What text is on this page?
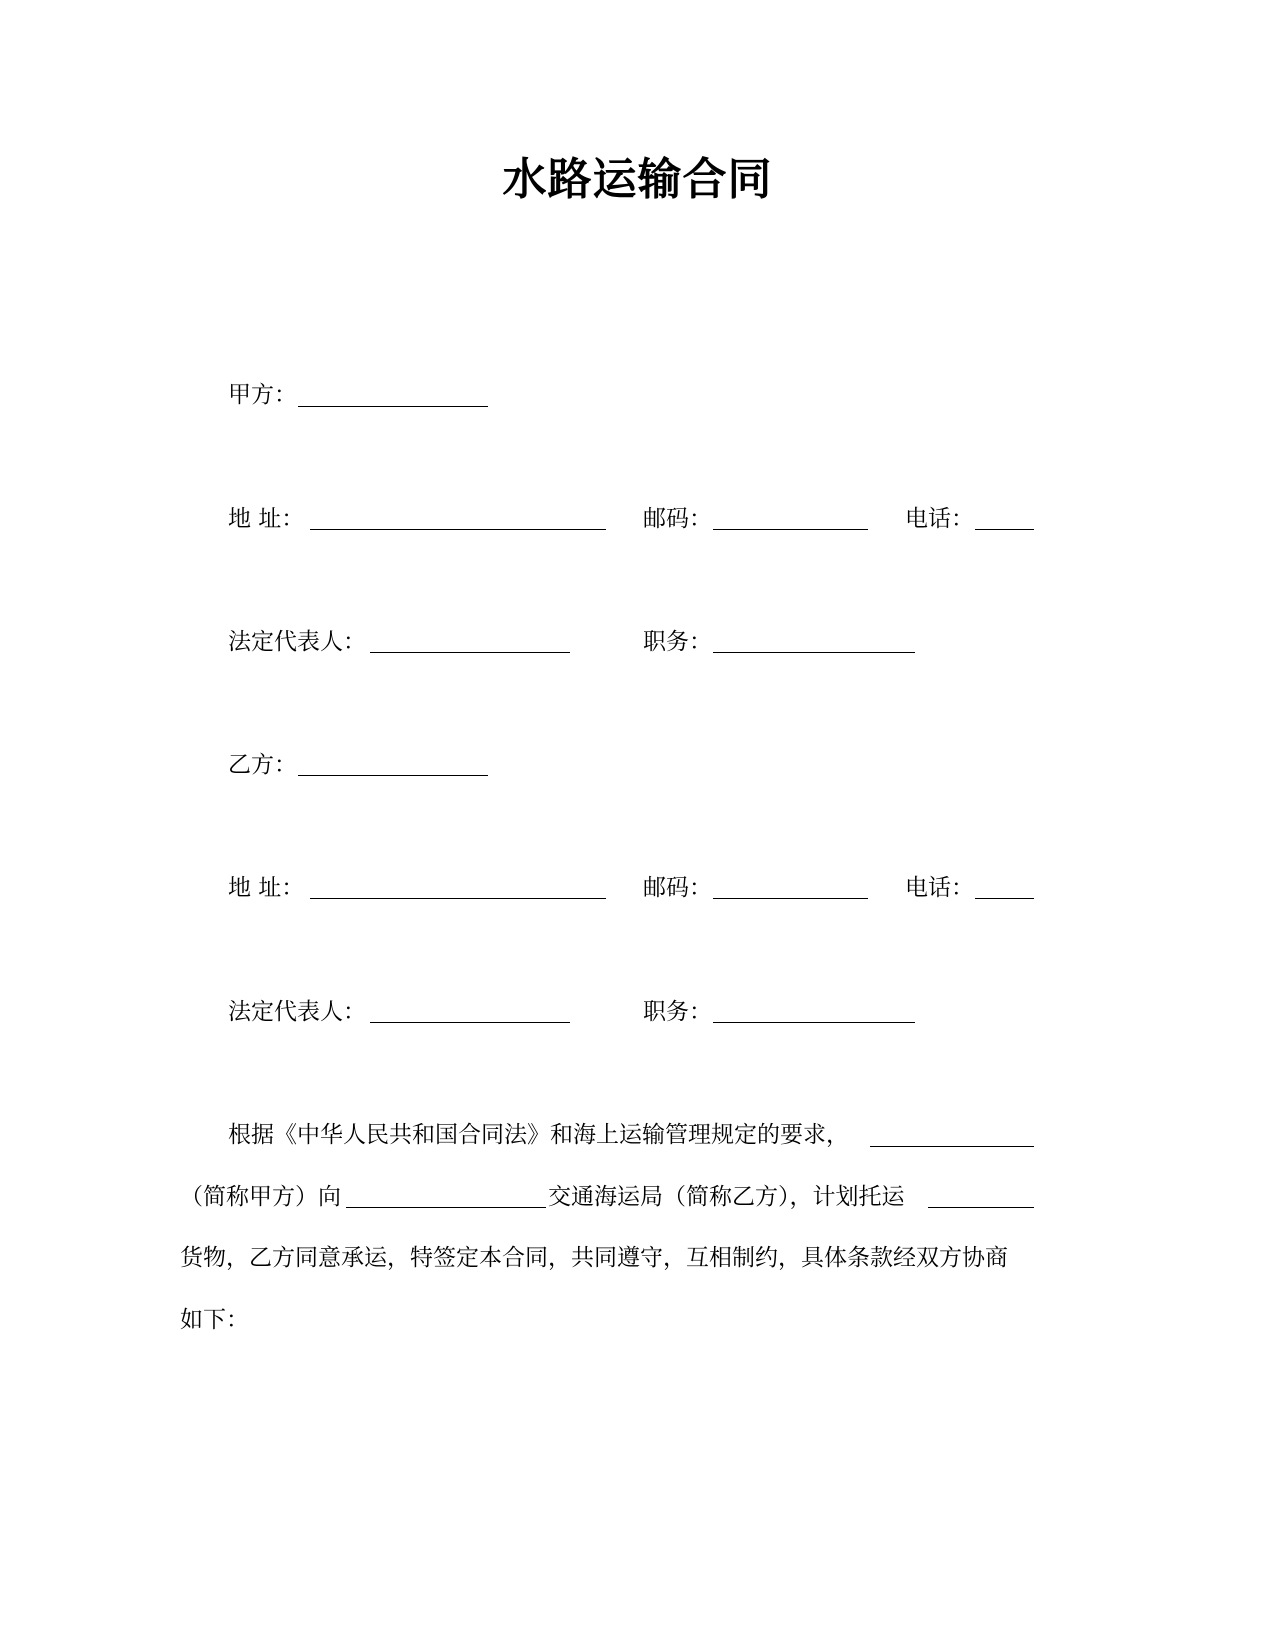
水路运输合同
甲方：
地 址：	邮码：	电话：
法定代表人：	职务：
乙方：
地 址：	邮码：	电话：
法定代表人：	职务：
根据《中华人民共和国合同法》和海上运输管理规定的要求，
（简称甲方）向	交通海运局（简称乙方），计划托运
货物，乙方同意承运，特签定本合同，共同遵守，互相制约，具体条款经双方协商
如下：
